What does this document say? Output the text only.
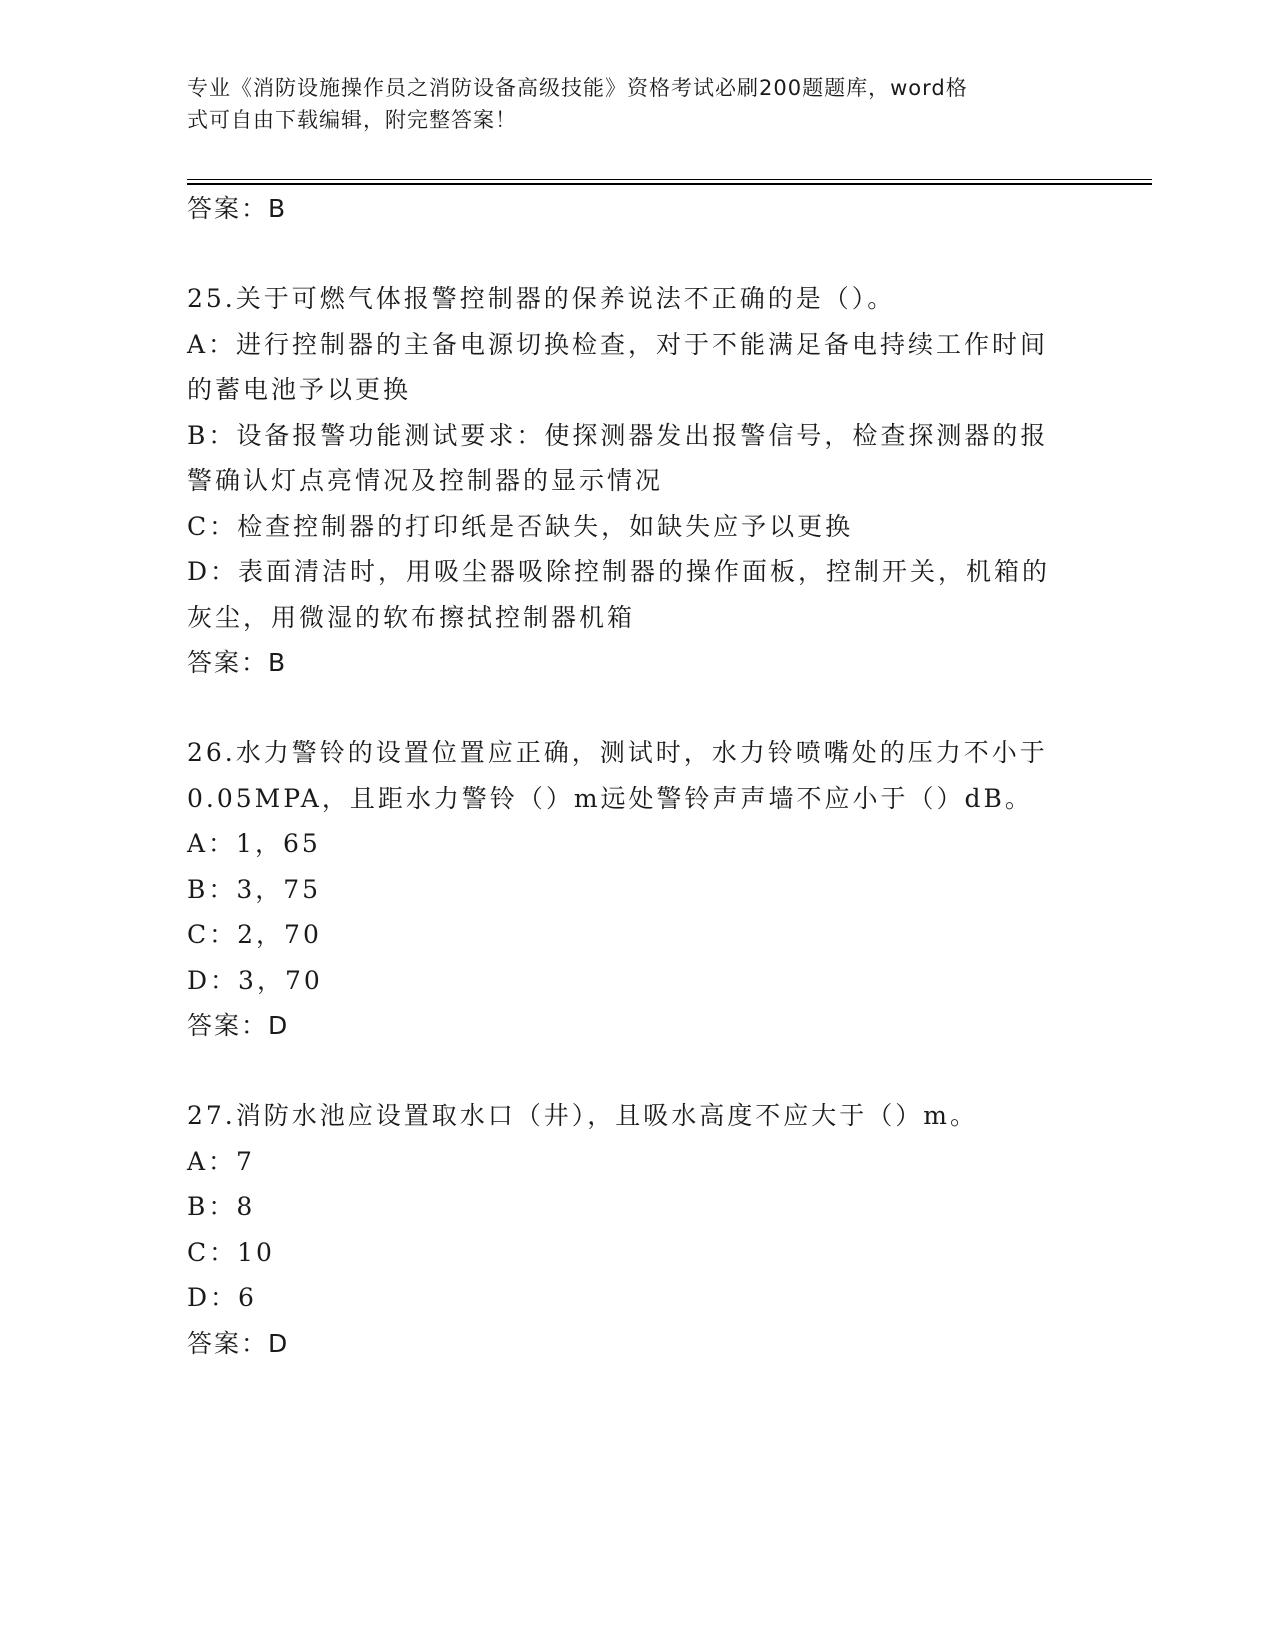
专业《消防设施操作员之消防设备高级技能》资格考试必刷200题题库，word格
式可自由下载编辑，附完整答案！
答案：B
25.关于可燃气体报警控制器的保养说法不正确的是（）。
A：进行控制器的主备电源切换检查，对于不能满足备电持续工作时间
的蓄电池予以更换
B：设备报警功能测试要求：使探测器发出报警信号，检查探测器的报
警确认灯点亮情况及控制器的显示情况
C：检查控制器的打印纸是否缺失，如缺失应予以更换
D：表面清洁时，用吸尘器吸除控制器的操作面板，控制开关，机箱的
灰尘，用微湿的软布擦拭控制器机箱
答案：B
26.水力警铃的设置位置应正确，测试时，水力铃喷嘴处的压力不小于
0.05MPA，且距水力警铃（）m远处警铃声声墙不应小于（）dB。
A：1，65
B：3，75
C：2，70
D：3，70
答案：D
27.消防水池应设置取水口（井），且吸水高度不应大于（）m。
A：7
B：8
C：10
D：6
答案：D
